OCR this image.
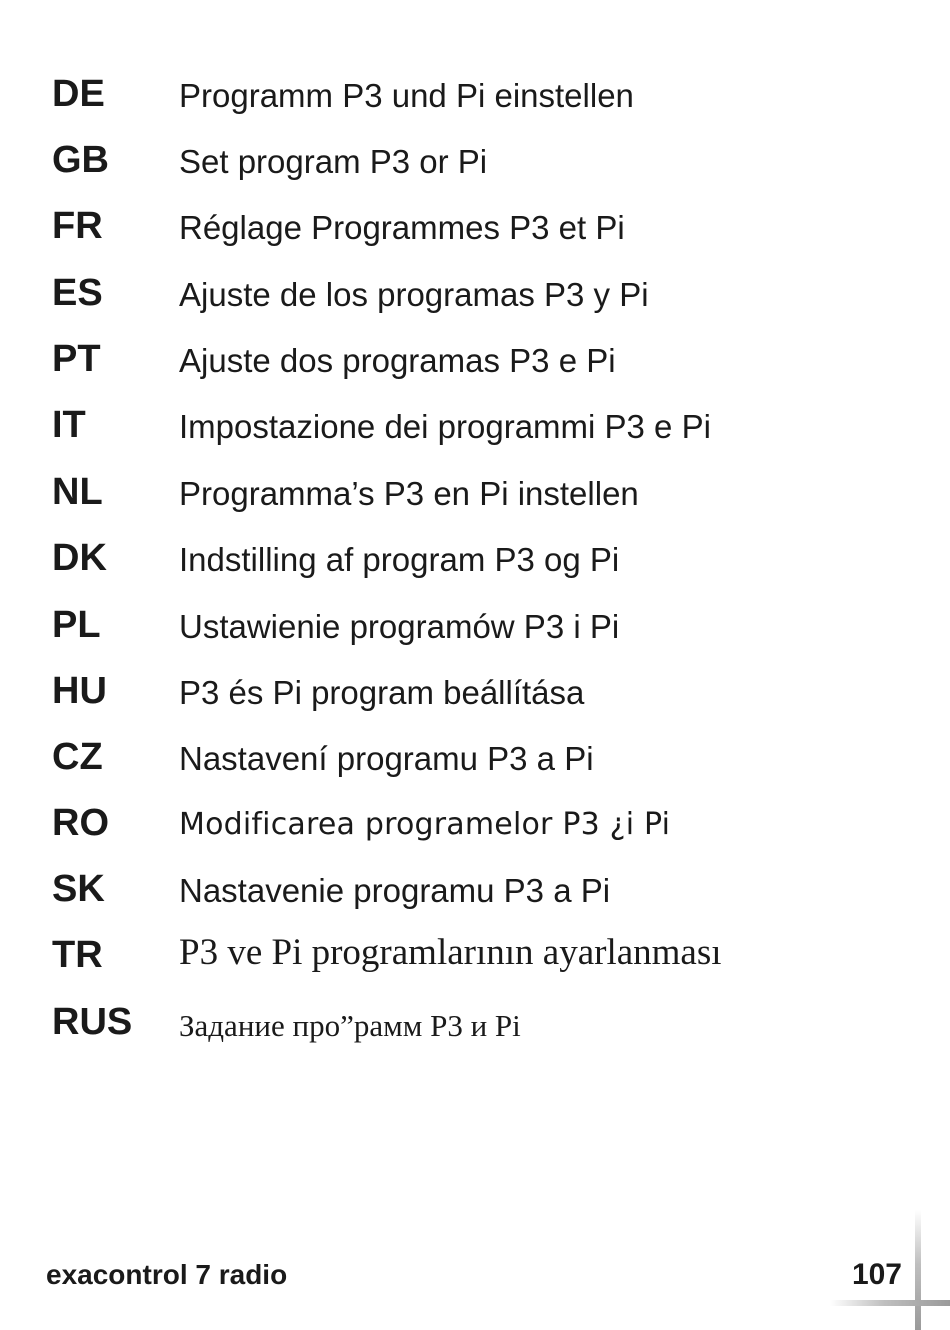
DE Programm P3 und Pi einstellen
GB Set program P3 or Pi
FR Réglage Programmes P3 et Pi
ES Ajuste de los programas P3 y Pi
PT Ajuste dos programas P3 e Pi
IT	Impostazione dei programmi P3 e Pi
NL Programma’s P3 en Pi instellen
DK Indstilling af program P3 og Pi
PL Ustawienie programów P3 i Pi
HU P3 és Pi program beállítása
CZ Nastavení programu P3 a Pi
RO Modificarea programelor P3 ¿i Pi
SK Nastavenie programu P3 a Pi
TR P3 ve Pi programlarının ayarlanması
RUS Задание про”рамм P3 и Pi
exacontrol 7 radio	107
